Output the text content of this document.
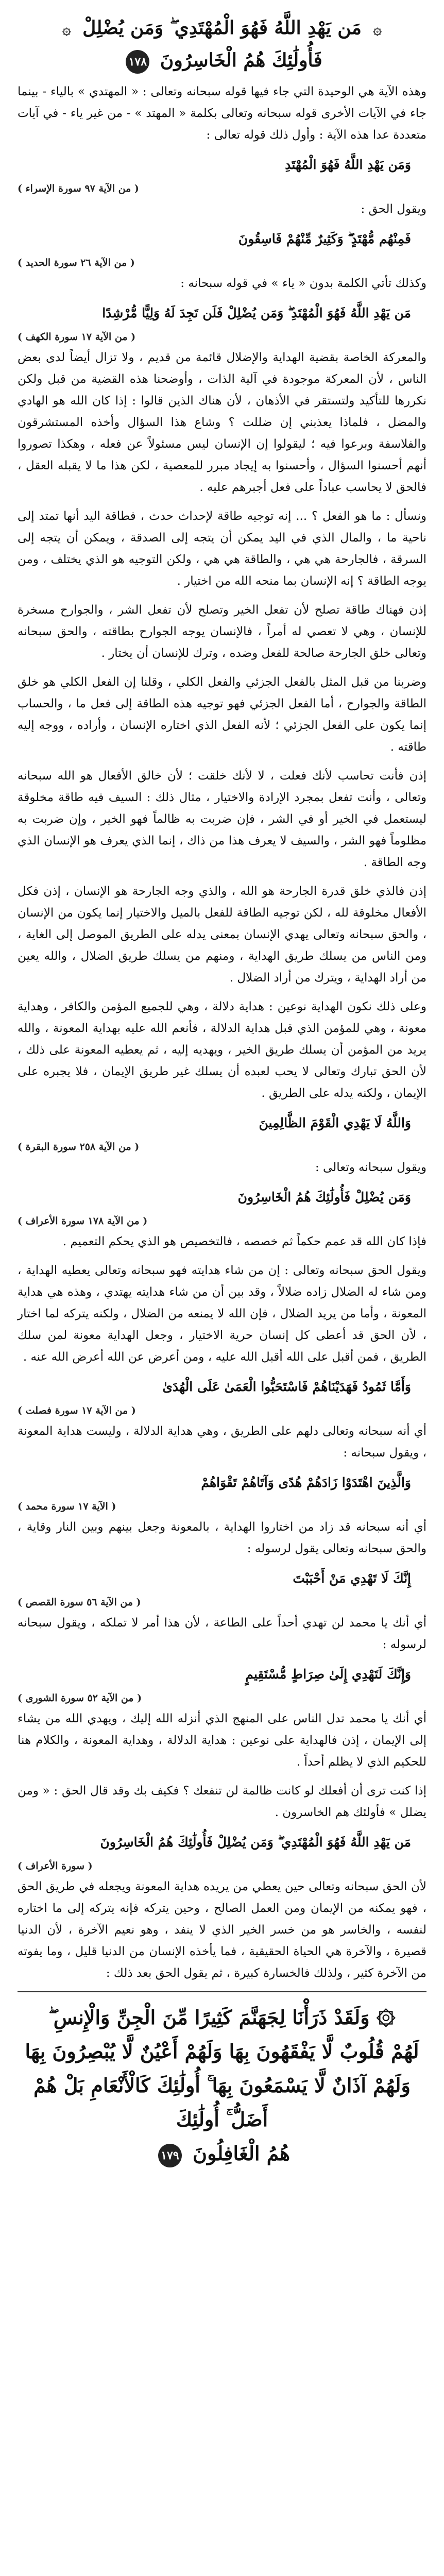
۞ مَن يَهْدِ اللَّهُ فَهُوَ الْمُهْتَدِي ۖ وَمَن يُضْلِلْ ۞
فَأُولَٰئِكَ هُمُ الْخَاسِرُونَ ١٧٨
وهذه الآية هي الوحيدة التي جاء فيها قوله سبحانه وتعالى : « المهتدي » بالياء - بينما جاء في الآيات الأخرى قوله سبحانه وتعالى بكلمة « المهتد » - من غير ياء - في آيات متعددة عدا هذه الآية : وأول ذلك قوله تعالى :
وَمَن يَهْدِ اللَّهُ فَهُوَ الْمُهْتَدِ
( من الآية ٩٧ سورة الإسراء )
ويقول الحق :
فَمِنْهُم مُّهْتَدٍ ۖ وَكَثِيرٌ مِّنْهُمْ فَاسِقُونَ
( من الآية ٢٦ سورة الحديد )
وكذلك تأتي الكلمة بدون « ياء » في قوله سبحانه :
مَن يَهْدِ اللَّهُ فَهُوَ الْمُهْتَدِ ۖ وَمَن يُضْلِلْ فَلَن تَجِدَ لَهُ وَلِيًّا مُّرْشِدًا
( من الآية ١٧ سورة الكهف )
والمعركة الخاصة بقضية الهداية والإضلال قائمة من قديم ، ولا تزال أيضاً لدى بعض الناس ، لأن المعركة موجودة في آلية الذات ، وأوضحنا هذه القضية من قبل ولكن نكررها للتأكيد ولتستقر في الأذهان ، لأن هناك الذين قالوا : إذا كان الله هو الهادي والمضل ، فلماذا يعذبني إن ضللت ؟ وشاع هذا السؤال وأخذه المستشرقون والفلاسفة وبرعوا فيه ؛ ليقولوا إن الإنسان ليس مسئولاً عن فعله ، وهكذا تصوروا أنهم أحسنوا السؤال ، وأحسنوا به إيجاد مبرر للمعصية ، لكن هذا ما لا يقبله العقل ، فالحق لا يحاسب عباداً على فعل أجبرهم عليه .
ونسأل : ما هو الفعل ؟ ... إنه توجيه طاقة لإحداث حدث ، فطاقة اليد أنها تمتد إلى ناحية ما ، والمال الذي في اليد يمكن أن يتجه إلى الصدقة ، ويمكن أن يتجه إلى السرقة ، فالجارحة هي هي ، والطاقة هي هي ، ولكن التوجيه هو الذي يختلف ، ومن يوجه الطاقة ؟ إنه الإنسان بما منحه الله من اختيار .
إذن فهناك طاقة تصلح لأن تفعل الخير وتصلح لأن تفعل الشر ، والجوارح مسخرة للإنسان ، وهي لا تعصي له أمراً ، فالإنسان يوجه الجوارح بطاقته ، والحق سبحانه وتعالى خلق الجارحة صالحة للفعل وضده ، وترك للإنسان أن يختار .
وضربنا من قبل المثل بالفعل الجزئي والفعل الكلي ، وقلنا إن الفعل الكلي هو خلق الطاقة والجوارح ، أما الفعل الجزئي فهو توجيه هذه الطاقة إلى فعل ما ، والحساب إنما يكون على الفعل الجزئي ؛ لأنه الفعل الذي اختاره الإنسان ، وأراده ، ووجه إليه طاقته .
إذن فأنت تحاسب لأنك فعلت ، لا لأنك خلقت ؛ لأن خالق الأفعال هو الله سبحانه وتعالى ، وأنت تفعل بمجرد الإرادة والاختيار ، مثال ذلك : السيف فيه طاقة مخلوقة ليستعمل في الخير أو في الشر ، فإن ضربت به ظالماً فهو الخير ، وإن ضربت به مظلوماً فهو الشر ، والسيف لا يعرف هذا من ذاك ، إنما الذي يعرف هو الإنسان الذي وجه الطاقة .
إذن فالذي خلق قدرة الجارحة هو الله ، والذي وجه الجارحة هو الإنسان ، إذن فكل الأفعال مخلوقة لله ، لكن توجيه الطاقة للفعل بالميل والاختيار إنما يكون من الإنسان ، والحق سبحانه وتعالى يهدي الإنسان بمعنى يدله على الطريق الموصل إلى الغاية ، ومن الناس من يسلك طريق الهداية ، ومنهم من يسلك طريق الضلال ، والله يعين من أراد الهداية ، ويترك من أراد الضلال .
وعلى ذلك نكون الهداية نوعين : هداية دلالة ، وهي للجميع المؤمن والكافر ، وهداية معونة ، وهي للمؤمن الذي قبل هداية الدلالة ، فأنعم الله عليه بهداية المعونة ، والله يريد من المؤمن أن يسلك طريق الخير ، ويهديه إليه ، ثم يعطيه المعونة على ذلك ، لأن الحق تبارك وتعالى لا يحب لعبده أن يسلك غير طريق الإيمان ، فلا يجبره على الإيمان ، ولكنه يدله على الطريق .
وَاللَّهُ لَا يَهْدِي الْقَوْمَ الظَّالِمِينَ
( من الآية ٢٥٨ سورة البقرة )
ويقول سبحانه وتعالى :
وَمَن يُضْلِلْ فَأُولَٰئِكَ هُمُ الْخَاسِرُونَ
( من الآية ١٧٨ سورة الأعراف )
فإذا كان الله قد عمم حكماً ثم خصصه ، فالتخصيص هو الذي يحكم التعميم .
ويقول الحق سبحانه وتعالى : إن من شاء هدايته فهو سبحانه وتعالى يعطيه الهداية ، ومن شاء له الضلال زاده ضلالاً ، وقد بين أن من شاء هدايته يهتدي ، وهذه هي هداية المعونة ، وأما من يريد الضلال ، فإن الله لا يمنعه من الضلال ، ولكنه يتركه لما اختار ، لأن الحق قد أعطى كل إنسان حرية الاختيار ، وجعل الهداية معونة لمن سلك الطريق ، فمن أقبل على الله أقبل الله عليه ، ومن أعرض عن الله أعرض الله عنه .
وَأَمَّا ثَمُودُ فَهَدَيْنَاهُمْ فَاسْتَحَبُّوا الْعَمَىٰ عَلَى الْهُدَىٰ
( من الآية ١٧ سورة فصلت )
أي أنه سبحانه وتعالى دلهم على الطريق ، وهي هداية الدلالة ، وليست هداية المعونة ، ويقول سبحانه :
وَالَّذِينَ اهْتَدَوْا زَادَهُمْ هُدًى وَآتَاهُمْ تَقْوَاهُمْ
( الآية ١٧ سورة محمد )
أي أنه سبحانه قد زاد من اختاروا الهداية ، بالمعونة وجعل بينهم وبين النار وقاية ، والحق سبحانه وتعالى يقول لرسوله :
إِنَّكَ لَا تَهْدِي مَنْ أَحْبَبْتَ
( من الآية ٥٦ سورة القصص )
أي أنك يا محمد لن تهدي أحداً على الطاعة ، لأن هذا أمر لا تملكه ، ويقول سبحانه لرسوله :
وَإِنَّكَ لَتَهْدِي إِلَىٰ صِرَاطٍ مُّسْتَقِيمٍ
( من الآية ٥٢ سورة الشورى )
أي أنك يا محمد تدل الناس على المنهج الذي أنزله الله إليك ، ويهدي الله من يشاء إلى الإيمان ، إذن فالهداية على نوعين : هداية الدلالة ، وهداية المعونة ، والكلام هنا للحكيم الذي لا يظلم أحداً .
إذا كنت ترى أن أفعلك لو كانت ظالمة لن تنفعك ؟ فكيف بك وقد قال الحق : « ومن يضلل » فأولئك هم الخاسرون .
مَن يَهْدِ اللَّهُ فَهُوَ الْمُهْتَدِي ۖ وَمَن يُضْلِلْ فَأُولَٰئِكَ هُمُ الْخَاسِرُونَ
( سورة الأعراف )
لأن الحق سبحانه وتعالى حين يعطي من يريده هداية المعونة ويجعله في طريق الحق ، فهو يمكنه من الإيمان ومن العمل الصالح ، وحين يتركه فإنه يتركه إلى ما اختاره لنفسه ، والخاسر هو من خسر الخير الذي لا ينفد ، وهو نعيم الآخرة ، لأن الدنيا قصيرة ، والآخرة هي الحياة الحقيقية ، فما يأخذه الإنسان من الدنيا قليل ، وما يفوته من الآخرة كثير ، ولذلك فالخسارة كبيرة ، ثم يقول الحق بعد ذلك :
۞ وَلَقَدْ ذَرَأْنَا لِجَهَنَّمَ كَثِيرًا مِّنَ الْجِنِّ وَالْإِنسِ ۖ
لَهُمْ قُلُوبٌ لَّا يَفْقَهُونَ بِهَا وَلَهُمْ أَعْيُنٌ لَّا يُبْصِرُونَ بِهَا
وَلَهُمْ آذَانٌ لَّا يَسْمَعُونَ بِهَا ۚ أُولَٰئِكَ كَالْأَنْعَامِ بَلْ هُمْ أَضَلُّ ۚ أُولَٰئِكَ
هُمُ الْغَافِلُونَ ١٧٩
